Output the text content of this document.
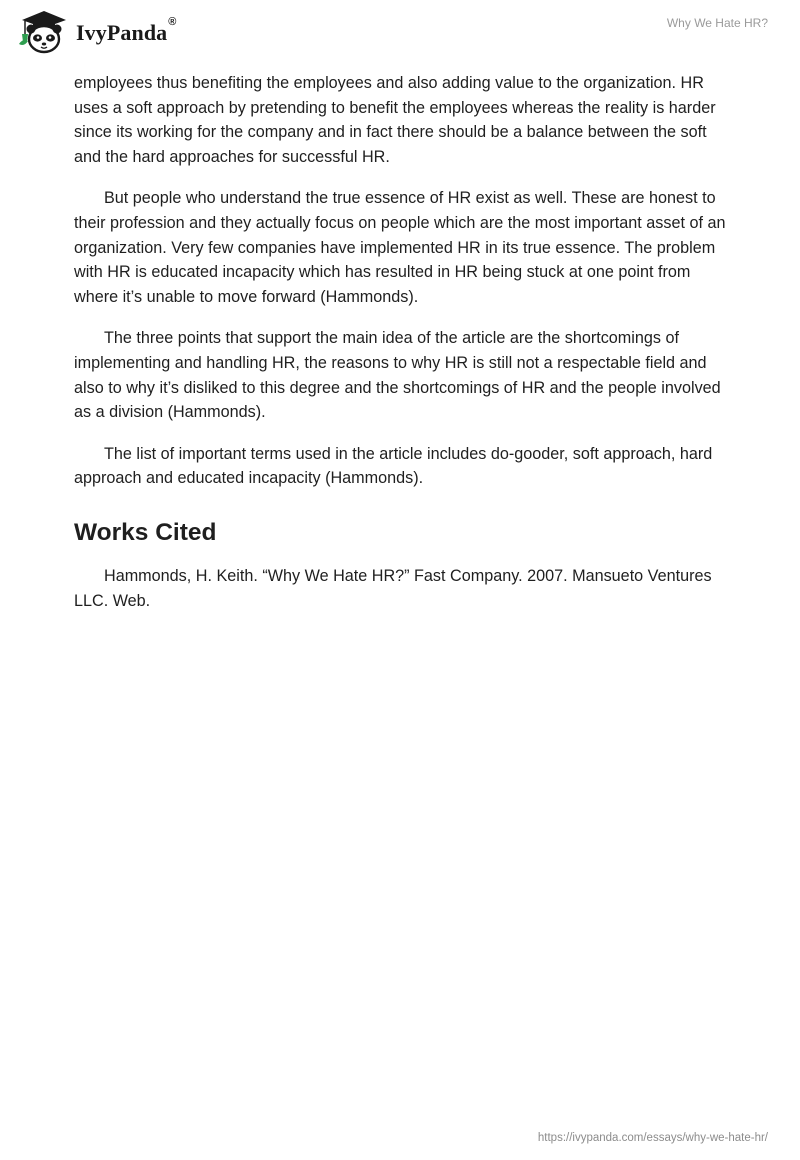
IvyPanda®	Why We Hate HR?

employees thus benefiting the employees and also adding value to the organization. HR uses a soft approach by pretending to benefit the employees whereas the reality is harder since its working for the company and in fact there should be a balance between the soft and the hard approaches for successful HR.

But people who understand the true essence of HR exist as well. These are honest to their profession and they actually focus on people which are the most important asset of an organization. Very few companies have implemented HR in its true essence. The problem with HR is educated incapacity which has resulted in HR being stuck at one point from where it’s unable to move forward (Hammonds).

The three points that support the main idea of the article are the shortcomings of implementing and handling HR, the reasons to why HR is still not a respectable field and also to why it’s disliked to this degree and the shortcomings of HR and the people involved as a division (Hammonds).

The list of important terms used in the article includes do-gooder, soft approach, hard approach and educated incapacity (Hammonds).

Works Cited

Hammonds, H. Keith. “Why We Hate HR?” Fast Company. 2007. Mansueto Ventures LLC. Web.

https://ivypanda.com/essays/why-we-hate-hr/
